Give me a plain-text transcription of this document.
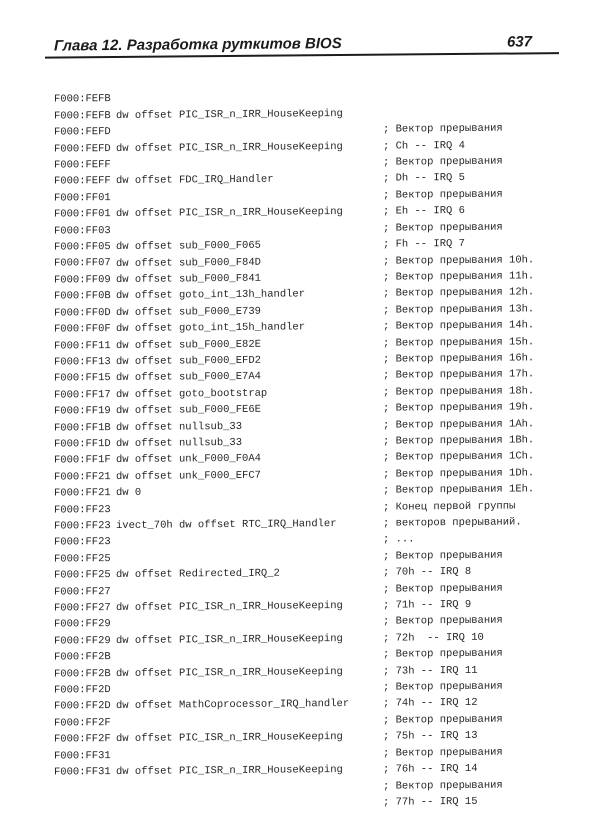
Глава 12. Разработка руткитов BIOS	637

F000:FEFB

dw offset PIC_ISR_n_IRR_HouseKeeping

; Вектор прерывания

F000:FEFB

; Ch -- IRQ 4

F000:FEFD

dw offset PIC_ISR_n_IRR_HouseKeeping

; Вектор прерывания

F000:FEFD

; Dh -- IRQ 5

F000:FEFF

dw offset FDC_IRQ_Handler

; Вектор прерывания

F000:FEFF

; Eh -- IRQ 6

F000:FF01

dw offset PIC_ISR_n_IRR_HouseKeeping

; Вектор прерывания

F000:FF01

; Fh -- IRQ 7

F000:FF03

dw offset sub_F000_F065

; Вектор прерывания 10h.

F000:FF05

dw offset sub_F000_F84D

; Вектор прерывания 11h.

F000:FF07

dw offset sub_F000_F841

; Вектор прерывания 12h.

F000:FF09

dw offset goto_int_13h_handler

; Вектор прерывания 13h.

F000:FF0B

dw offset sub_F000_E739

; Вектор прерывания 14h.

F000:FF0D

dw offset goto_int_15h_handler

; Вектор прерывания 15h.

F000:FF0F

dw offset sub_F000_E82E

; Вектор прерывания 16h.

F000:FF11

dw offset sub_F000_EFD2

; Вектор прерывания 17h.

F000:FF13

dw offset sub_F000_E7A4

; Вектор прерывания 18h.

F000:FF15

dw offset goto_bootstrap

; Вектор прерывания 19h.

F000:FF17

dw offset sub_F000_FE6E

; Вектор прерывания 1Ah.

F000:FF19

dw offset nullsub_33

; Вектор прерывания 1Bh.

F000:FF1B

dw offset nullsub_33

; Вектор прерывания 1Ch.

F000:FF1D

dw offset unk_F000_F0A4

; Вектор прерывания 1Dh.

F000:FF1F

dw offset unk_F000_EFC7

; Вектор прерывания 1Eh.

F000:FF21

dw 0

; Конец первой группы

F000:FF21

; векторов прерываний.

F000:FF23

ivect_70h dw offset RTC_IRQ_Handler

; ...

F000:FF23

; Вектор прерывания

F000:FF23

; 70h -- IRQ 8

F000:FF25

dw offset Redirected_IRQ_2

; Вектор прерывания

F000:FF25

; 71h -- IRQ 9

F000:FF27

dw offset PIC_ISR_n_IRR_HouseKeeping

; Вектор прерывания

F000:FF27

; 72h  -- IRQ 10

F000:FF29

dw offset PIC_ISR_n_IRR_HouseKeeping

; Вектор прерывания

F000:FF29

; 73h -- IRQ 11

F000:FF2B

dw offset PIC_ISR_n_IRR_HouseKeeping

; Вектор прерывания

F000:FF2B

; 74h -- IRQ 12

F000:FF2D

dw offset MathCoprocessor_IRQ_handler

; Вектор прерывания

F000:FF2D

; 75h -- IRQ 13

F000:FF2F

dw offset PIC_ISR_n_IRR_HouseKeeping

; Вектор прерывания

F000:FF2F

; 76h -- IRQ 14

F000:FF31

dw offset PIC_ISR_n_IRR_HouseKeeping

; Вектор прерывания

F000:FF31

; 77h -- IRQ 15
